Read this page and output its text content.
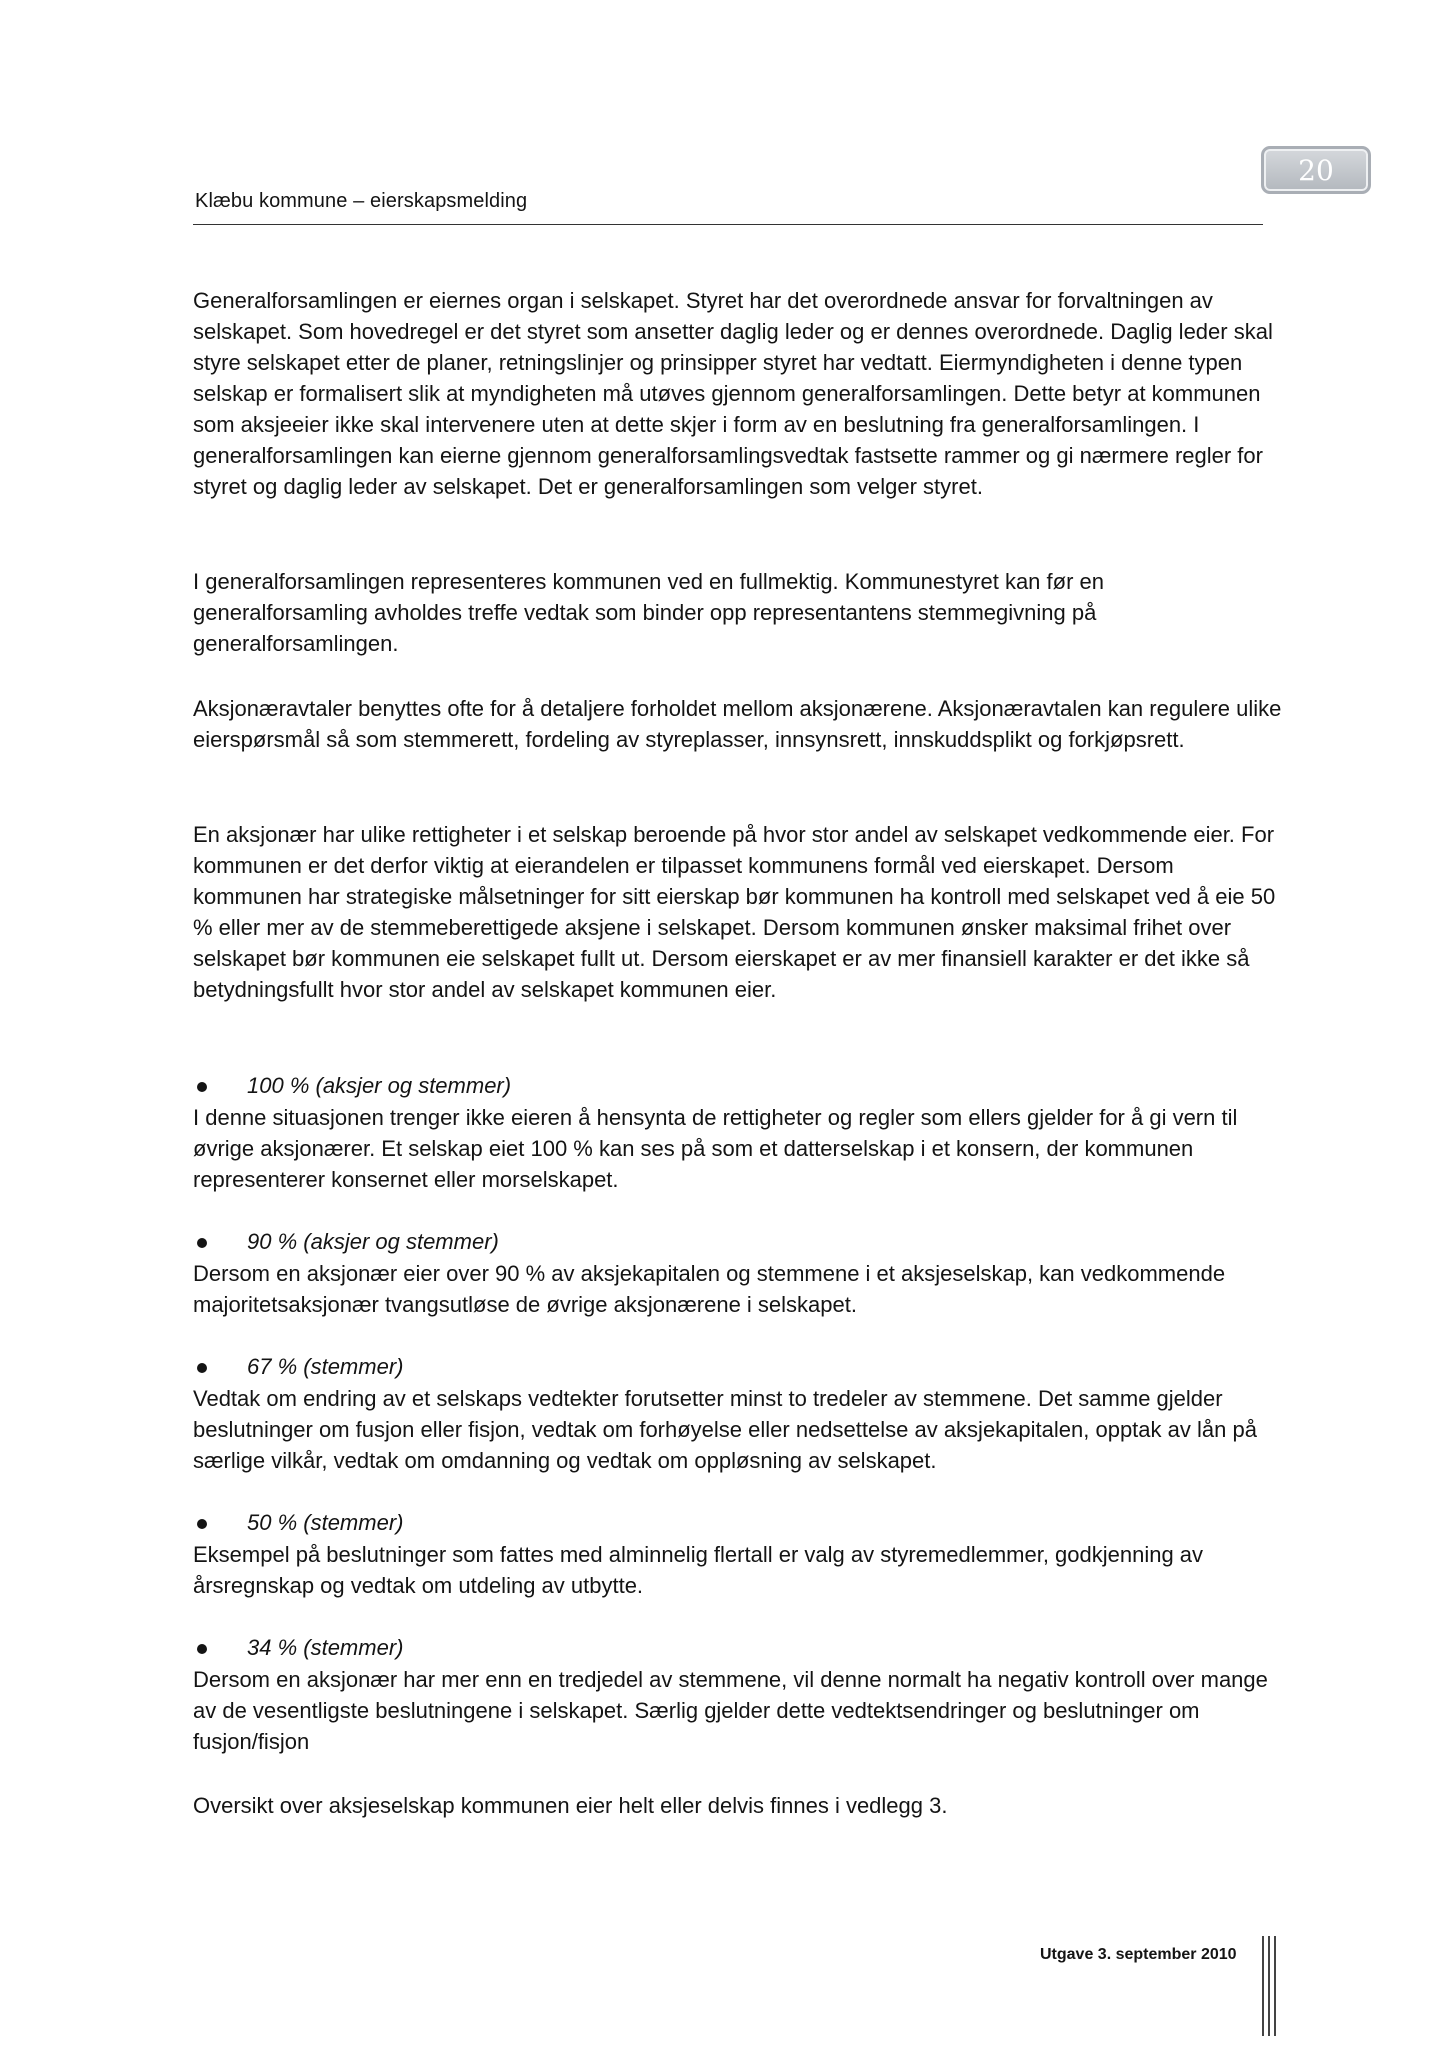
Klæbu kommune – eierskapsmelding
20

Generalforsamlingen er eiernes organ i selskapet. Styret har det overordnede ansvar for forvaltningen av selskapet. Som hovedregel er det styret som ansetter daglig leder og er dennes overordnede. Daglig leder skal styre selskapet etter de planer, retningslinjer og prinsipper styret har vedtatt. Eiermyndigheten i denne typen selskap er formalisert slik at myndigheten må utøves gjennom generalforsamlingen. Dette betyr at kommunen som aksjeeier ikke skal intervenere uten at dette skjer i form av en beslutning fra generalforsamlingen. I generalforsamlingen kan eierne gjennom generalforsamlingsvedtak fastsette rammer og gi nærmere regler for styret og daglig leder av selskapet. Det er generalforsamlingen som velger styret.

I generalforsamlingen representeres kommunen ved en fullmektig. Kommunestyret kan før en generalforsamling avholdes treffe vedtak som binder opp representantens stemmegivning på generalforsamlingen.

Aksjonæravtaler benyttes ofte for å detaljere forholdet mellom aksjonærene. Aksjonæravtalen kan regulere ulike eierspørsmål så som stemmerett, fordeling av styreplasser, innsynsrett, innskuddsplikt og forkjøpsrett.

En aksjonær har ulike rettigheter i et selskap beroende på hvor stor andel av selskapet vedkommende eier. For kommunen er det derfor viktig at eierandelen er tilpasset kommunens formål ved eierskapet. Dersom kommunen har strategiske målsetninger for sitt eierskap bør kommunen ha kontroll med selskapet ved å eie 50 % eller mer av de stemmeberettigede aksjene i selskapet. Dersom kommunen ønsker maksimal frihet over selskapet bør kommunen eie selskapet fullt ut. Dersom eierskapet er av mer finansiell karakter er det ikke så betydningsfullt hvor stor andel av selskapet kommunen eier.

100 % (aksjer og stemmer)

I denne situasjonen trenger ikke eieren å hensynta de rettigheter og regler som ellers gjelder for å gi vern til øvrige aksjonærer. Et selskap eiet 100 % kan ses på som et datterselskap i et konsern, der kommunen representerer konsernet eller morselskapet.

90 % (aksjer og stemmer)

Dersom en aksjonær eier over 90 % av aksjekapitalen og stemmene i et aksjeselskap, kan vedkommende majoritetsaksjonær tvangsutløse de øvrige aksjonærene i selskapet.

67 % (stemmer)

Vedtak om endring av et selskaps vedtekter forutsetter minst to tredeler av stemmene. Det samme gjelder beslutninger om fusjon eller fisjon, vedtak om forhøyelse eller nedsettelse av aksjekapitalen, opptak av lån på særlige vilkår, vedtak om omdanning og vedtak om oppløsning av selskapet.

50 % (stemmer)

Eksempel på beslutninger som fattes med alminnelig flertall er valg av styremedlemmer, godkjenning av årsregnskap og vedtak om utdeling av utbytte.

34 % (stemmer)

Dersom en aksjonær har mer enn en tredjedel av stemmene, vil denne normalt ha negativ kontroll over mange av de vesentligste beslutningene i selskapet. Særlig gjelder dette vedtektsendringer og beslutninger om fusjon/fisjon

Oversikt over aksjeselskap kommunen eier helt eller delvis finnes i vedlegg 3.

Utgave 3. september 2010
